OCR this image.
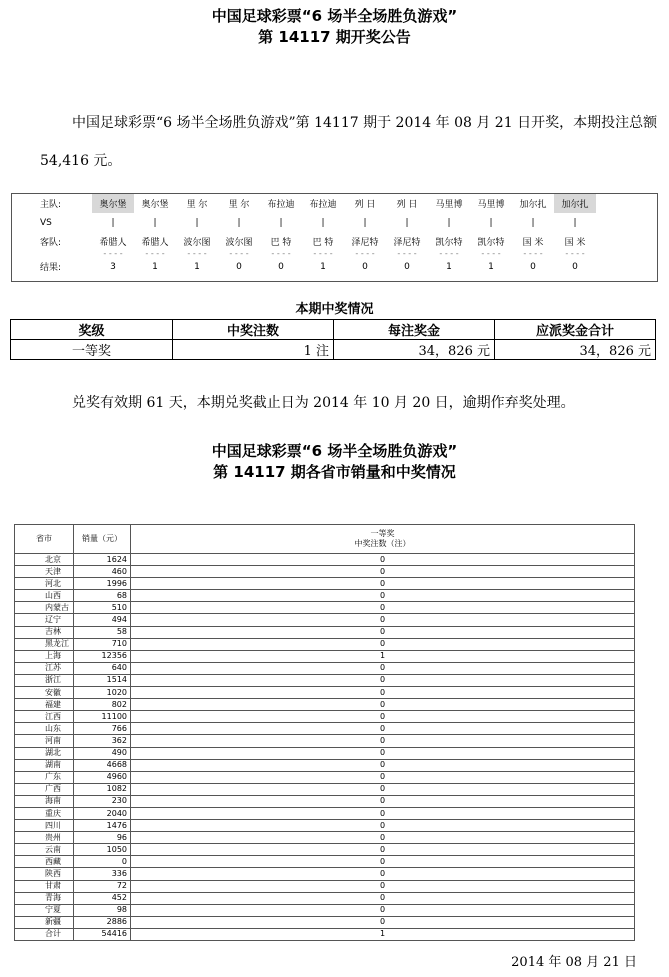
中国足球彩票“6 场半全场胜负游戏”
第 14117 期开奖公告
中国足球彩票“6 场半全场胜负游戏”第 14117 期于 2014 年 08 月 21 日开奖，本期投注总额 54,416 元。
主队:	奥尔堡	奥尔堡	里 尔	里 尔	布拉迪	布拉迪	列 日	列 日	马里博	马里博	加尔扎	加尔扎
VS	|	|	|	|	|	|	|	|	|	|	|	|
客队:	希腊人	希腊人	波尔图	波尔图	巴 特	巴 特	泽尼特	泽尼特	凯尔特	凯尔特	国 米	国 米
	- - - -	- - - -	- - - -	- - - -	- - - -	- - - -	- - - -	- - - -	- - - -	- - - -	- - - -	- - - -
结果:	3	1	1	0	0	1	0	0	1	1	0	0
本期中奖情况
奖级	中奖注数	每注奖金	应派奖金合计
一等奖	1 注	34，826 元	34，826 元
兑奖有效期 61 天，本期兑奖截止日为 2014 年 10 月 20 日，逾期作弃奖处理。
中国足球彩票“6 场半全场胜负游戏”
第 14117 期各省市销量和中奖情况
省市	销量（元）	一等奖
中奖注数（注）

北京	1624	0
天津	460	0
河北	1996	0
山西	68	0
内蒙古	510	0
辽宁	494	0
吉林	58	0
黑龙江	710	0
上海	12356	1
江苏	640	0
浙江	1514	0
安徽	1020	0
福建	802	0
江西	11100	0
山东	766	0
河南	362	0
湖北	490	0
湖南	4668	0
广东	4960	0
广西	1082	0
海南	230	0
重庆	2040	0
四川	1476	0
贵州	96	0
云南	1050	0
西藏	0	0
陕西	336	0
甘肃	72	0
青海	452	0
宁夏	98	0
新疆	2886	0
合计	54416	1
2014 年 08 月 21 日
